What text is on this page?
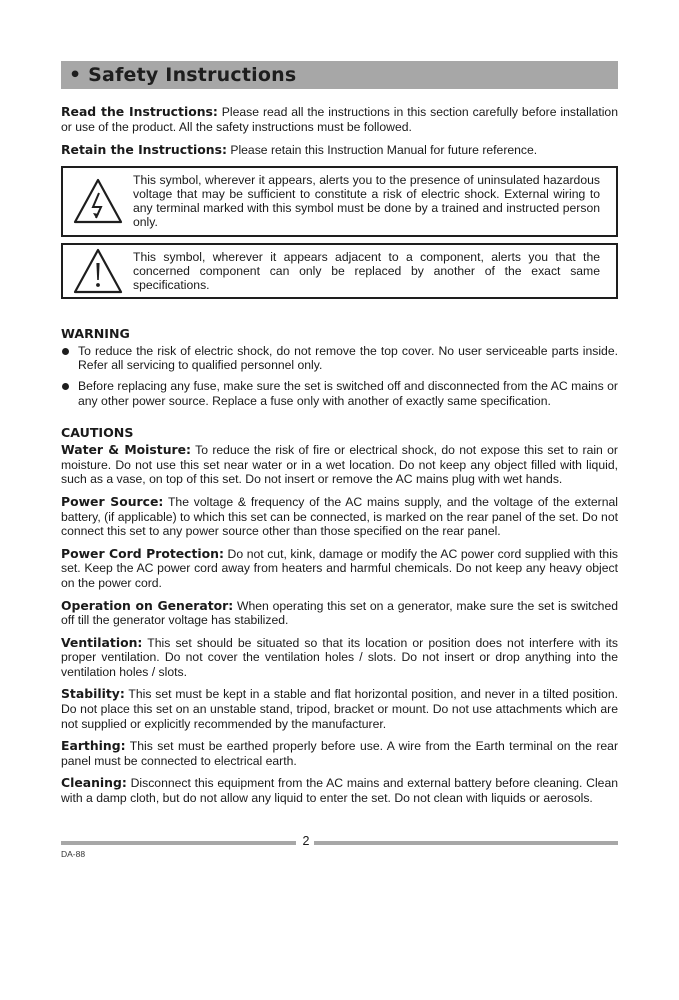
• Safety Instructions

Read the Instructions: Please read all the instructions in this section carefully before installation or use of the product. All the safety instructions must be followed.

Retain the Instructions: Please retain this Instruction Manual for future reference.

This symbol, wherever it appears, alerts you to the presence of uninsulated hazardous voltage that may be sufficient to constitute a risk of electric shock. External wiring to any terminal marked with this symbol must be done by a trained and instructed person only.
This symbol, wherever it appears adjacent to a component, alerts you that the concerned component can only be replaced by another of the exact same specifications.

WARNING

To reduce the risk of electric shock, do not remove the top cover. No user serviceable parts inside. Refer all servicing to qualified personnel only.
Before replacing any fuse, make sure the set is switched off and disconnected from the AC mains or any other power source. Replace a fuse only with another of exactly same specification.

CAUTIONS

Water & Moisture: To reduce the risk of fire or electrical shock, do not expose this set to rain or moisture. Do not use this set near water or in a wet location. Do not keep any object filled with liquid, such as a vase, on top of this set. Do not insert or remove the AC mains plug with wet hands.

Power Source: The voltage & frequency of the AC mains supply, and the voltage of the external battery, (if applicable) to which this set can be connected, is marked on the rear panel of the set. Do not connect this set to any power source other than those specified on the rear panel.

Power Cord Protection: Do not cut, kink, damage or modify the AC power cord supplied with this set. Keep the AC power cord away from heaters and harmful chemicals. Do not keep any heavy object on the power cord.

Operation on Generator: When operating this set on a generator, make sure the set is switched off till the generator voltage has stabilized.

Ventilation: This set should be situated so that its location or position does not interfere with its proper ventilation. Do not cover the ventilation holes / slots. Do not insert or drop anything into the ventilation holes / slots.

Stability: This set must be kept in a stable and flat horizontal position, and never in a tilted position. Do not place this set on an unstable stand, tripod, bracket or mount. Do not use attachments which are not supplied or explicitly recommended by the manufacturer.

Earthing: This set must be earthed properly before use. A wire from the Earth terminal on the rear panel must be connected to electrical earth.

Cleaning: Disconnect this equipment from the AC mains and external battery before cleaning. Clean with a damp cloth, but do not allow any liquid to enter the set. Do not clean with liquids or aerosols.

2
DA-88
